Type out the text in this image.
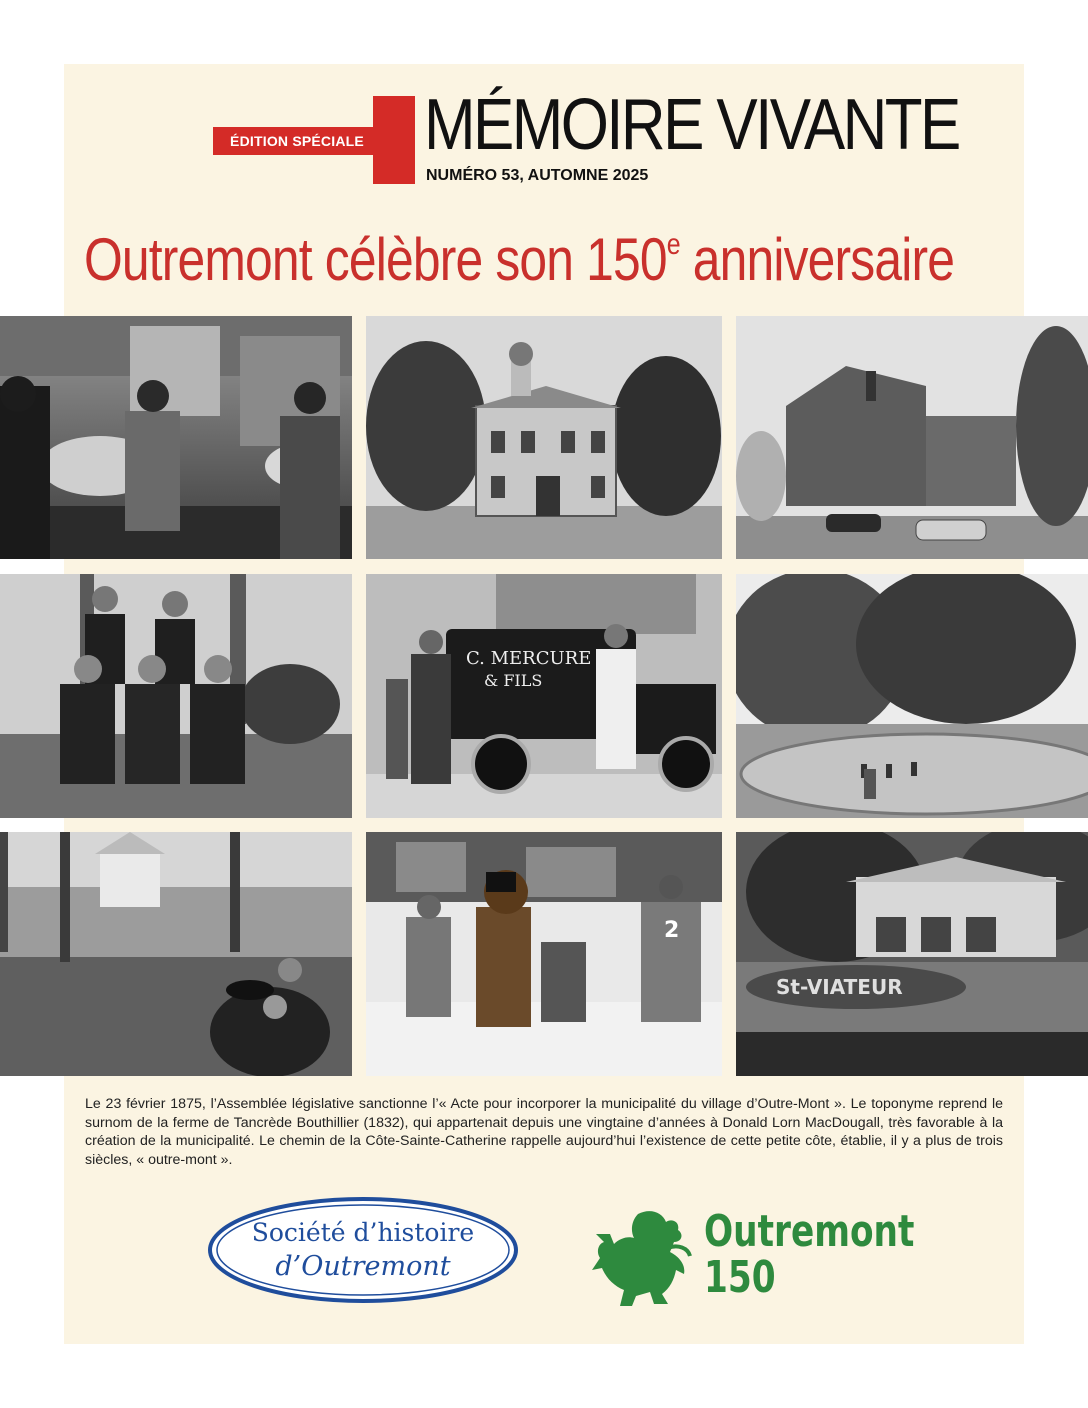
ÉDITION SPÉCIALE MÉMOIRE VIVANTE
NUMÉRO 53, AUTOMNE 2025
Outremont célèbre son 150e anniversaire
C. MERCURE
& FILS
2
St-VIATEUR

Le 23 février 1875, l’Assemblée législative sanctionne l’« Acte pour incorporer la municipalité du village d’Outre-Mont ». Le toponyme reprend le surnom de la ferme de Tancrède Bouthillier (1832), qui appartenait depuis une vingtaine d’années à Donald Lorn MacDougall, très favorable à la création de la municipalité. Le chemin de la Côte-Sainte-Catherine rappelle aujourd’hui l’existence de cette petite côte, établie, il y a plus de trois siècles, « outre-mont ».

Société d’histoire
d’Outremont
Outremont
150
